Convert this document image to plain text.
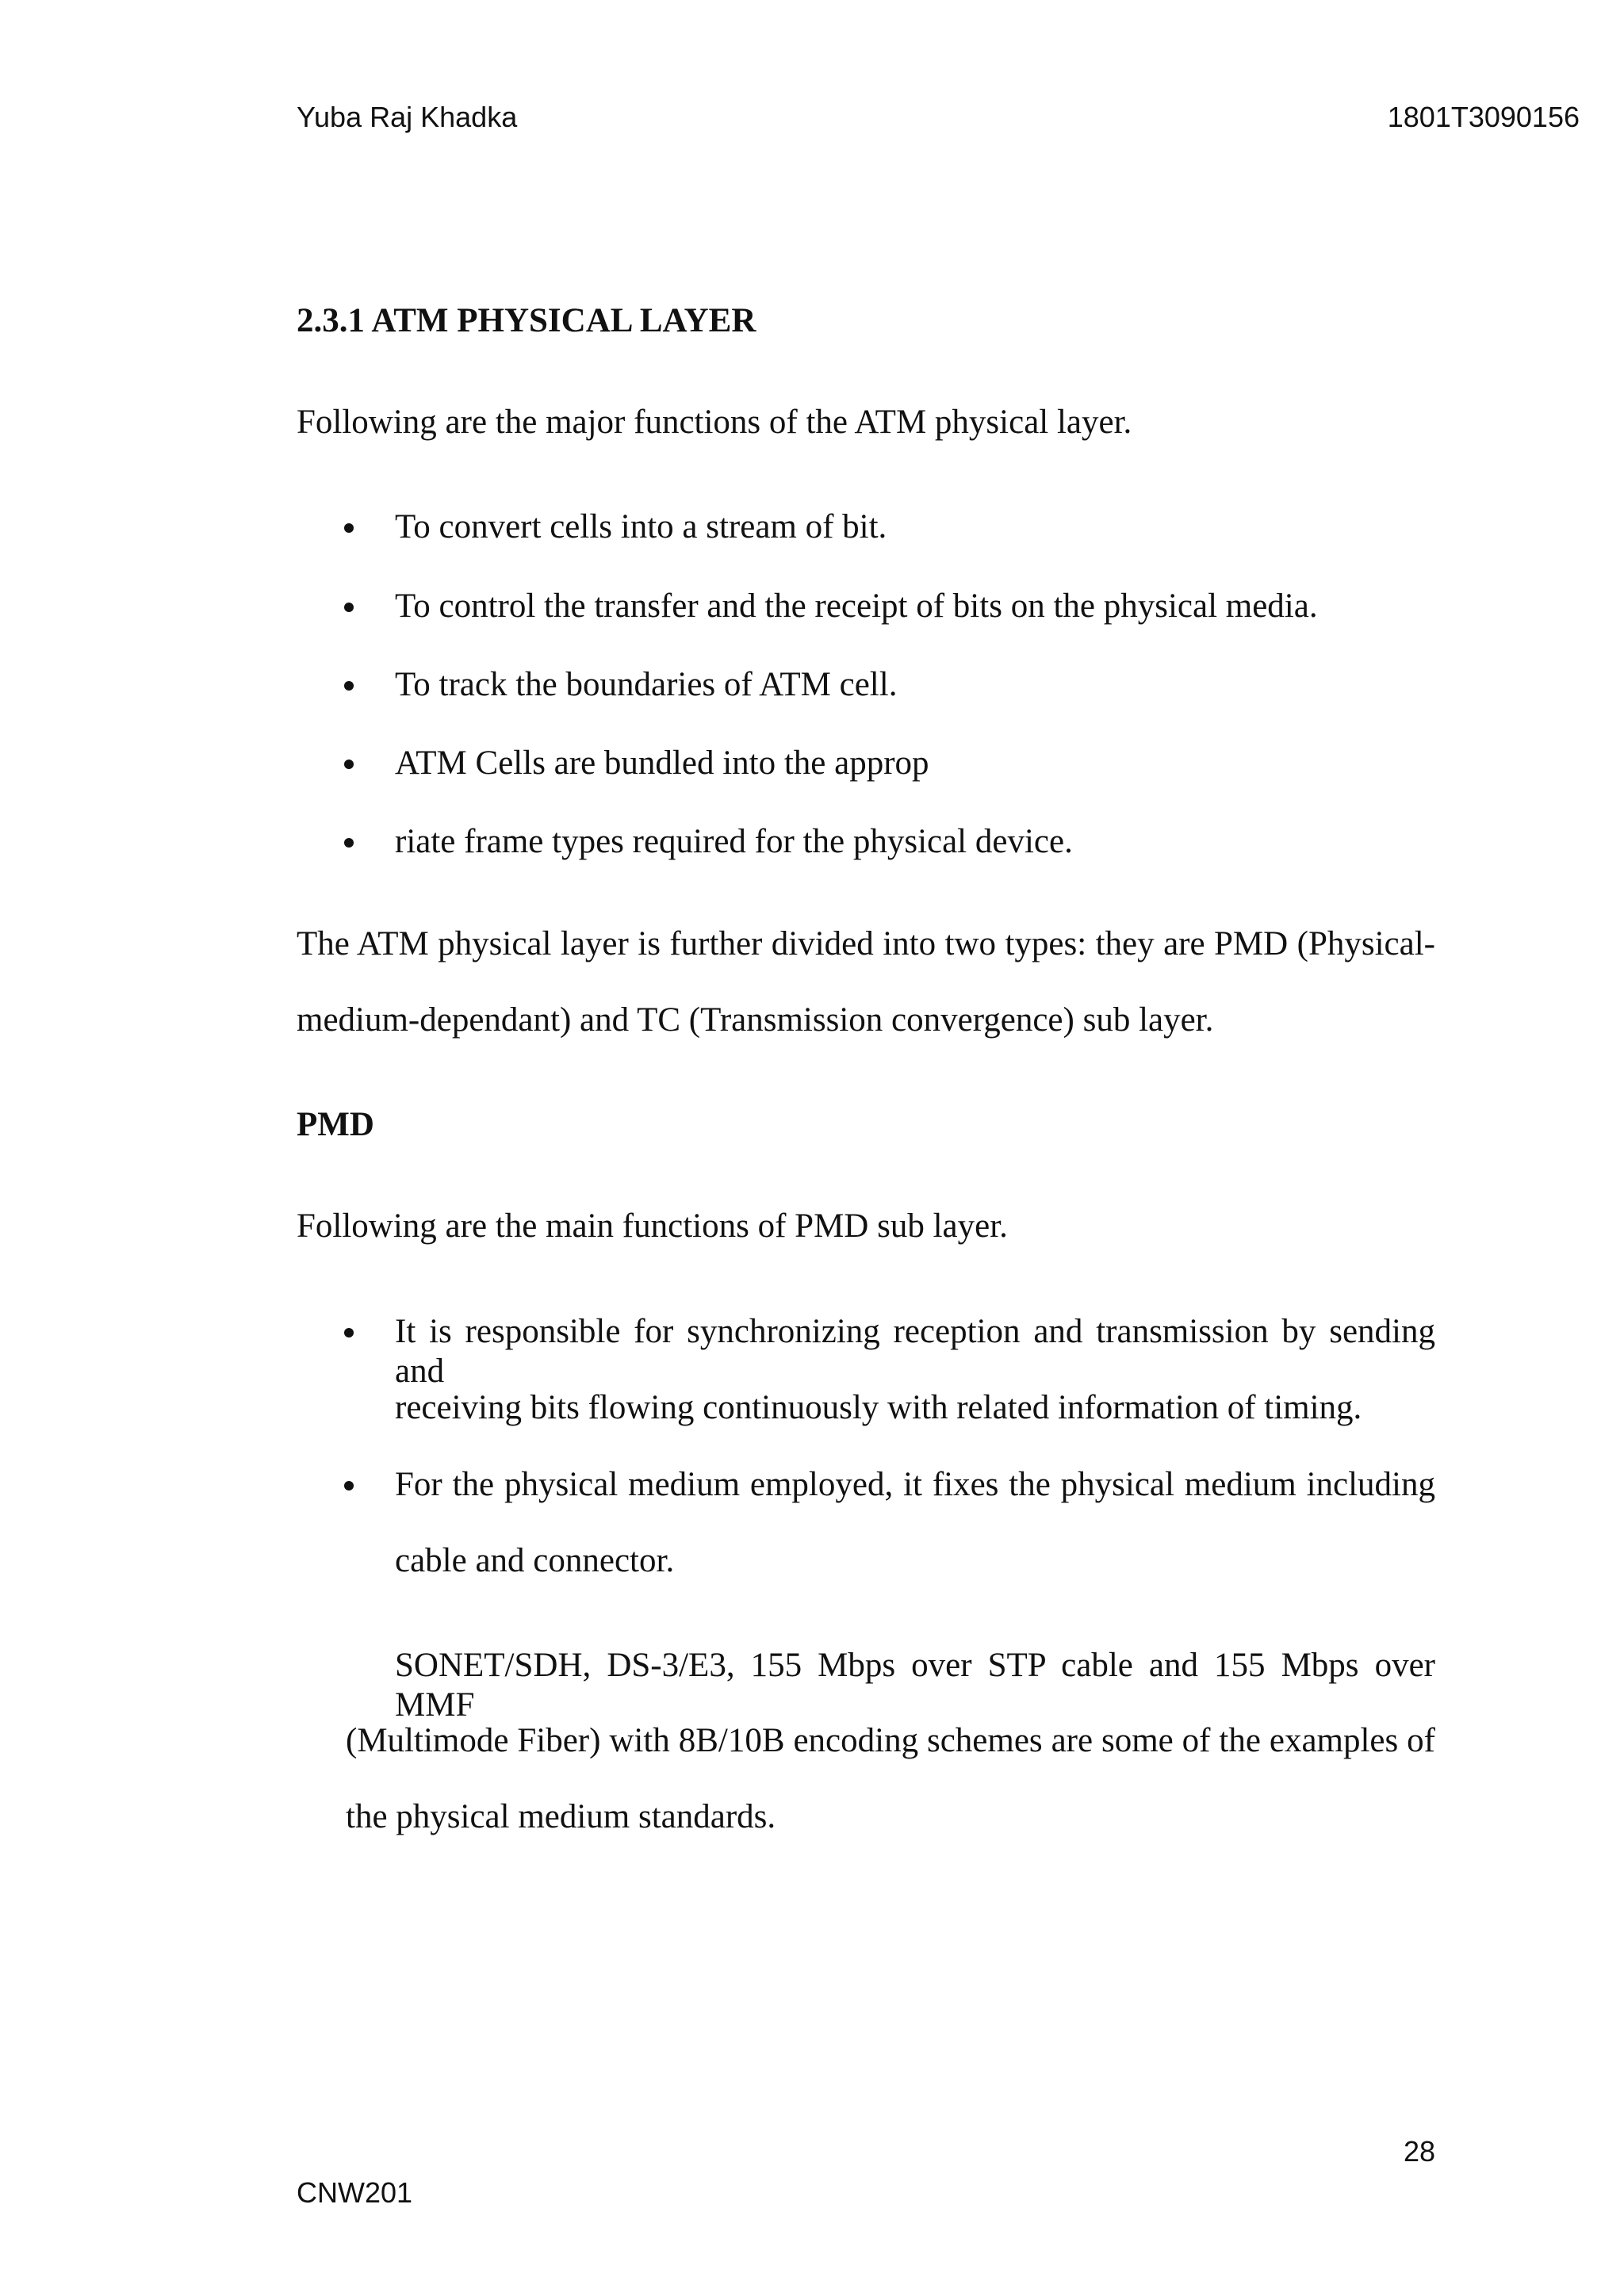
Yuba Raj Khadka	1801T3090156
2.3.1 ATM PHYSICAL LAYER
Following are the major functions of the ATM physical layer.
To convert cells into a stream of bit.
To control the transfer and the receipt of bits on the physical media.
To track the boundaries of ATM cell.
ATM Cells are bundled into the approp
riate frame types required for the physical device.
The ATM physical layer is further divided into two types: they are PMD (Physical-
medium-dependant) and TC (Transmission convergence) sub layer.
PMD
Following are the main functions of PMD sub layer.
It is responsible for synchronizing reception and transmission by sending and
receiving bits flowing continuously with related information of timing.
For the physical medium employed, it fixes the physical medium including
cable and connector.
SONET/SDH, DS-3/E3, 155 Mbps over STP cable and 155 Mbps over MMF
(Multimode Fiber) with 8B/10B encoding schemes are some of the examples of
the physical medium standards.
28
CNW201
